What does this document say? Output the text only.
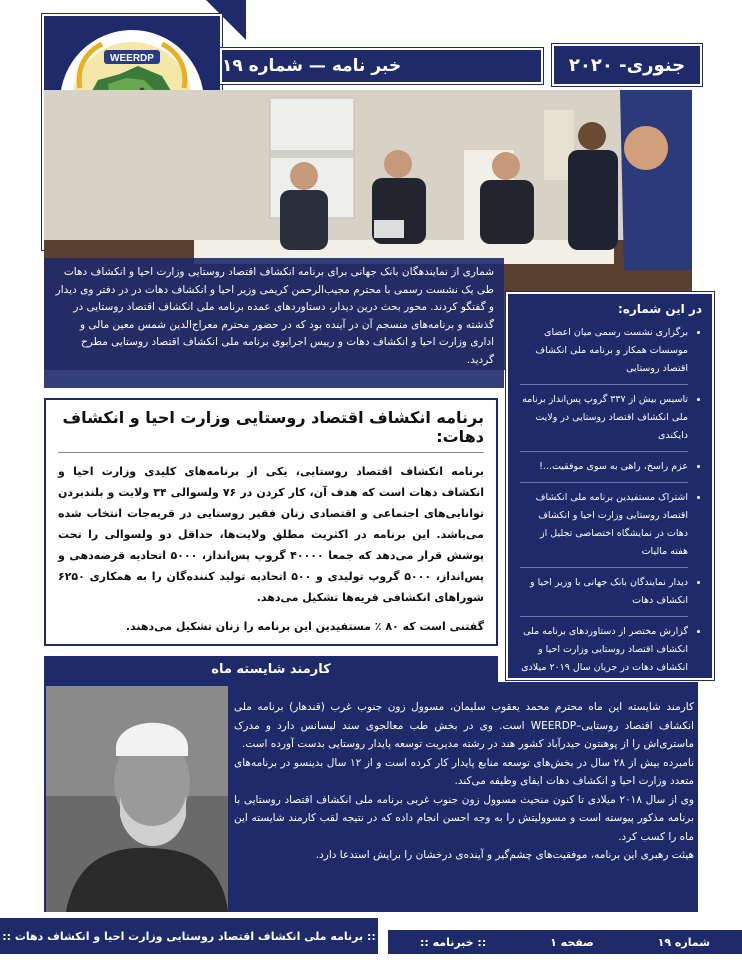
WEERDP	خبر نامه — شماره ۱۹	جنوری- ۲۰۲۰
شماری از نمایندهگان بانک جهانی برای برنامه انکشاف اقتصاد روستایی وزارت احیا و انکشاف دهات طی یک نشست رسمی با محترم مجیب‌الرحمن کریمی وزیر احیا و انکشاف دهات در در دفتر وی دیدار و گفتگو کردند. محور بحث درین دیدار، دستاوردهای عمده برنامه ملی انکشاف اقتصاد روستایی در گذشته و برنامه‌های منسجم آن در آینده بود که در حضور محترم معراج‌الدین شمس معین مالی و اداری وزارت احیا و انکشاف دهات و رییس اجرابوی برنامه ملی انکشاف اقتصاد روستایی مطرح گردید.
در این شماره:
• برگزاری نشست رسمی میان اعضای موسسات همکار و برنامه ملی انکشاف اقتصاد روستایی
• تاسیس بیش از ۳۳۷ گروپ پس‌انداز برنامه ملی انکشاف اقتصاد روستایی در ولایت دایکندی
• عزم راسخ، راهی به سوی موفقیت...!
• اشتراک مستفیدین برنامه ملی انکشاف اقتصاد روستایی وزارت احیا و انکشاف دهات در نمایشگاه اختصاصی تجلیل از هفته مالیات
• دیدار نمایندگان بانک جهانی با وزیر احیا و انکشاف دهات
• گزارش مختصر از دستاوردهای برنامه ملی انکشاف اقتصاد روستایی وزارت احیا و انکشاف دهات در جریان سال ۲۰۱۹ میلادی
برنامه انکشاف اقتصاد روستایی وزارت احیا و انکشاف دهات:

برنامه انکشاف اقتصاد روستایی، یکی از برنامه‌های کلیدی وزارت احیا و انکشاف دهات است که هدف آن، کار کردن در ۷۶ ولسوالی ۳۴ ولایت و بلندبردن توانایی‌های اجتماعی و اقتصادی زنان فقیر روستایی در قریه‌جات انتخاب شده می‌باشد. این برنامه در اکثریت مطلق ولایت‌ها، حداقل دو ولسوالی را تحت پوشش قرار می‌دهد که جمعا ۴۰۰۰۰ گروپ پس‌انداز، ۵۰۰۰ اتحادیه قرضه‌دهی و پس‌انداز، ۵۰۰۰ گروپ تولیدی و ۵۰۰ اتحادیه تولید کننده‌گان را به همکاری ۶۲۵۰ شوراهای انکشافی قریه‌ها تشکیل می‌دهد.

گفتنی است که ۸۰ ٪ مستفیدین این برنامه را زنان تشکیل می‌دهند.

کارمند شایسته ماه

کارمند شایسته این ماه محترم محمد یعقوب سلیمان، مسوول زون جنوب غرب (قندهار) برنامه ملی انکشاف اقتصاد روستایی–WEERDP است. وی در بخش طب معالجوی سند لیسانس دارد و مدرک ماستری‌اش را از پوهنتون حیدرآباد کشور هند در رشته مدیریت توسعه پایدار روستایی بدست آورده است.

نامبرده بیش از ۲۸ سال در بخش‌های توسعه منابع پایدار کار کرده است و از ۱۲ سال بدینسو در برنامه‌های متعدد وزارت احیا و انکشاف دهات ایفای وظیفه می‌کند.

وی از سال ۲۰۱۸ میلادی تا کنون منحیث مسوول زون جنوب غربی برنامه ملی انکشاف اقتصاد روستایی با برنامه مذکور پیوسته است و مسوولیتش را به وجه احسن انجام داده که در نتیجه لقب کارمند شایسته این ماه را کسب کرد.

هیئت رهبری این برنامه، موفقیت‌های چشم‌گیر و آینده‌ی درخشان را برایش استدعا دارد.

:: برنامه ملی انکشاف اقتصاد روستایی وزارت احیا و انکشاف دهات ::	شماره ۱۹
صفحه ۱
:: خبرنامه ::
